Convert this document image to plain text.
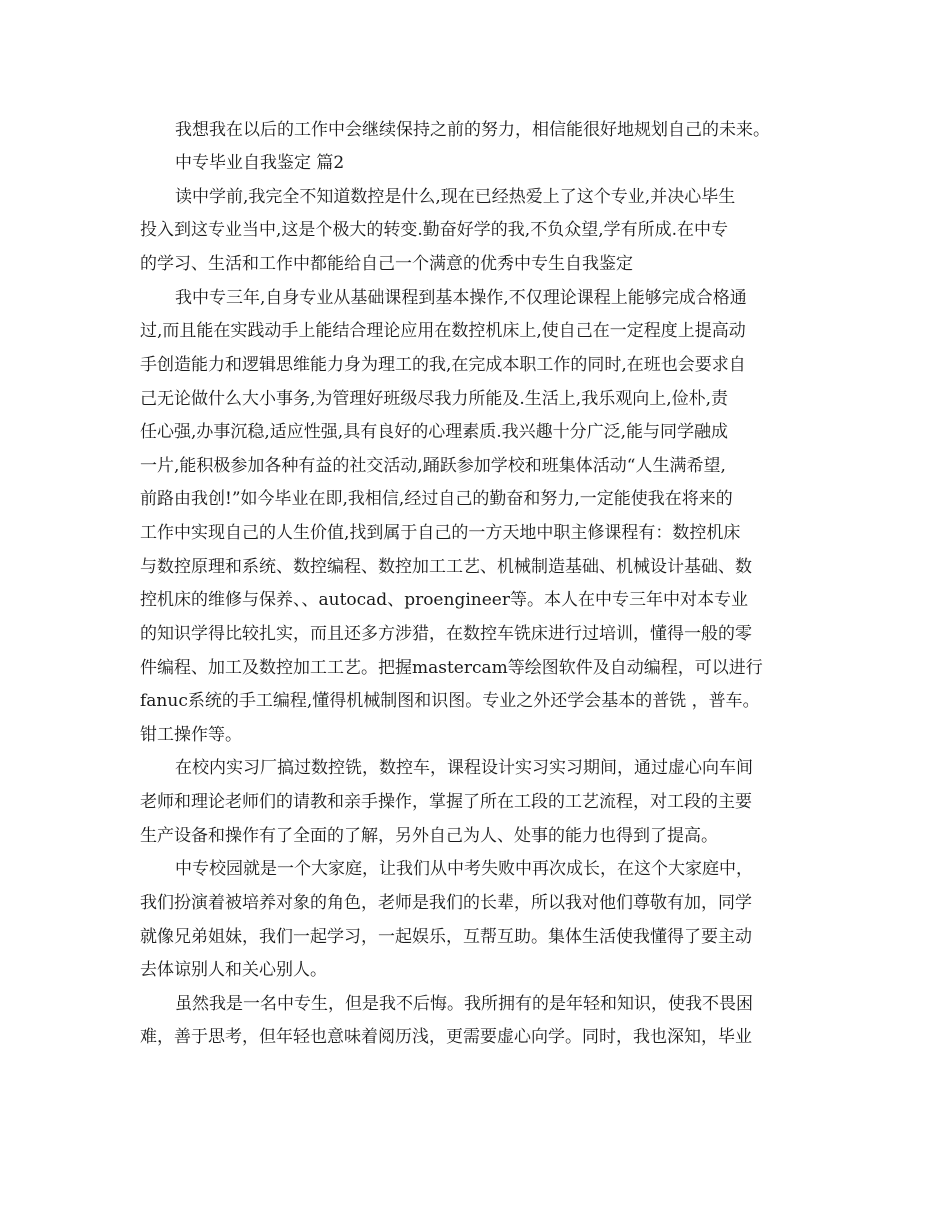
我想我在以后的工作中会继续保持之前的努力，相信能很好地规划自己的未来。

中专毕业自我鉴定 篇2

读中学前,我完全不知道数控是什么,现在已经热爱上了这个专业,并决心毕生

投入到这专业当中,这是个极大的转变.勤奋好学的我,不负众望,学有所成.在中专

的学习、生活和工作中都能给自己一个满意的优秀中专生自我鉴定

我中专三年,自身专业从基础课程到基本操作,不仅理论课程上能够完成合格通

过,而且能在实践动手上能结合理论应用在数控机床上,使自己在一定程度上提高动

手创造能力和逻辑思维能力身为理工的我,在完成本职工作的同时,在班也会要求自

己无论做什么大小事务,为管理好班级尽我力所能及.生活上,我乐观向上,俭朴,责

任心强,办事沉稳,适应性强,具有良好的心理素质.我兴趣十分广泛,能与同学融成

一片,能积极参加各种有益的社交活动,踊跃参加学校和班集体活动“人生满希望,

前路由我创!”如今毕业在即,我相信,经过自己的勤奋和努力,一定能使我在将来的

工作中实现自己的人生价值,找到属于自己的一方天地中职主修课程有：数控机床

与数控原理和系统、数控编程、数控加工工艺、机械制造基础、机械设计基础、数

控机床的维修与保养、、autocad、proengineer等。本人在中专三年中对本专业

的知识学得比较扎实，而且还多方涉猎，在数控车铣床进行过培训，懂得一般的零

件编程、加工及数控加工工艺。把握mastercam等绘图软件及自动编程，可以进行

fanuc系统的手工编程,懂得机械制图和识图。专业之外还学会基本的普铣 ，普车。

钳工操作等。

在校内实习厂搞过数控铣，数控车，课程设计实习实习期间，通过虚心向车间

老师和理论老师们的请教和亲手操作，掌握了所在工段的工艺流程，对工段的主要

生产设备和操作有了全面的了解，另外自己为人、处事的能力也得到了提高。

中专校园就是一个大家庭，让我们从中考失败中再次成长，在这个大家庭中，

我们扮演着被培养对象的角色，老师是我们的长辈，所以我对他们尊敬有加，同学

就像兄弟姐妹，我们一起学习，一起娱乐，互帮互助。集体生活使我懂得了要主动

去体谅别人和关心别人。

虽然我是一名中专生，但是我不后悔。我所拥有的是年轻和知识，使我不畏困

难，善于思考，但年轻也意味着阅历浅，更需要虚心向学。同时，我也深知，毕业
